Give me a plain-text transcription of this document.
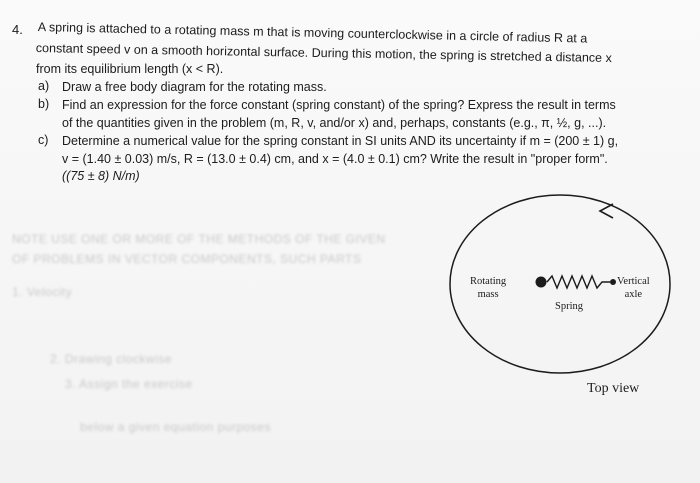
NOTE USE ONE OR MORE OF THE METHODS OF THE GIVEN
OF PROBLEMS IN VECTOR COMPONENTS, SUCH PARTS
1. Velocity
2. Drawing clockwise
3. Assign the exercise
below a given equation purposes
4. A spring is attached to a rotating mass m that is moving counterclockwise in a circle of radius R at a
constant speed v on a smooth horizontal surface. During this motion, the spring is stretched a distance x
from its equilibrium length (x < R).
a) Draw a free body diagram for the rotating mass.
b) Find an expression for the force constant (spring constant) of the spring? Express the result in terms
of the quantities given in the problem (m, R, v, and/or x) and, perhaps, constants (e.g., π, ½, g, ...).
c) Determine a numerical value for the spring constant in SI units AND its uncertainty if m = (200 ± 1) g,
v = (1.40 ± 0.03) m/s, R = (13.0 ± 0.4) cm, and x = (4.0 ± 0.1) cm? Write the result in "proper form".
((75 ± 8) N/m)
Rotating
mass
Spring
Vertical
axle
Top view
